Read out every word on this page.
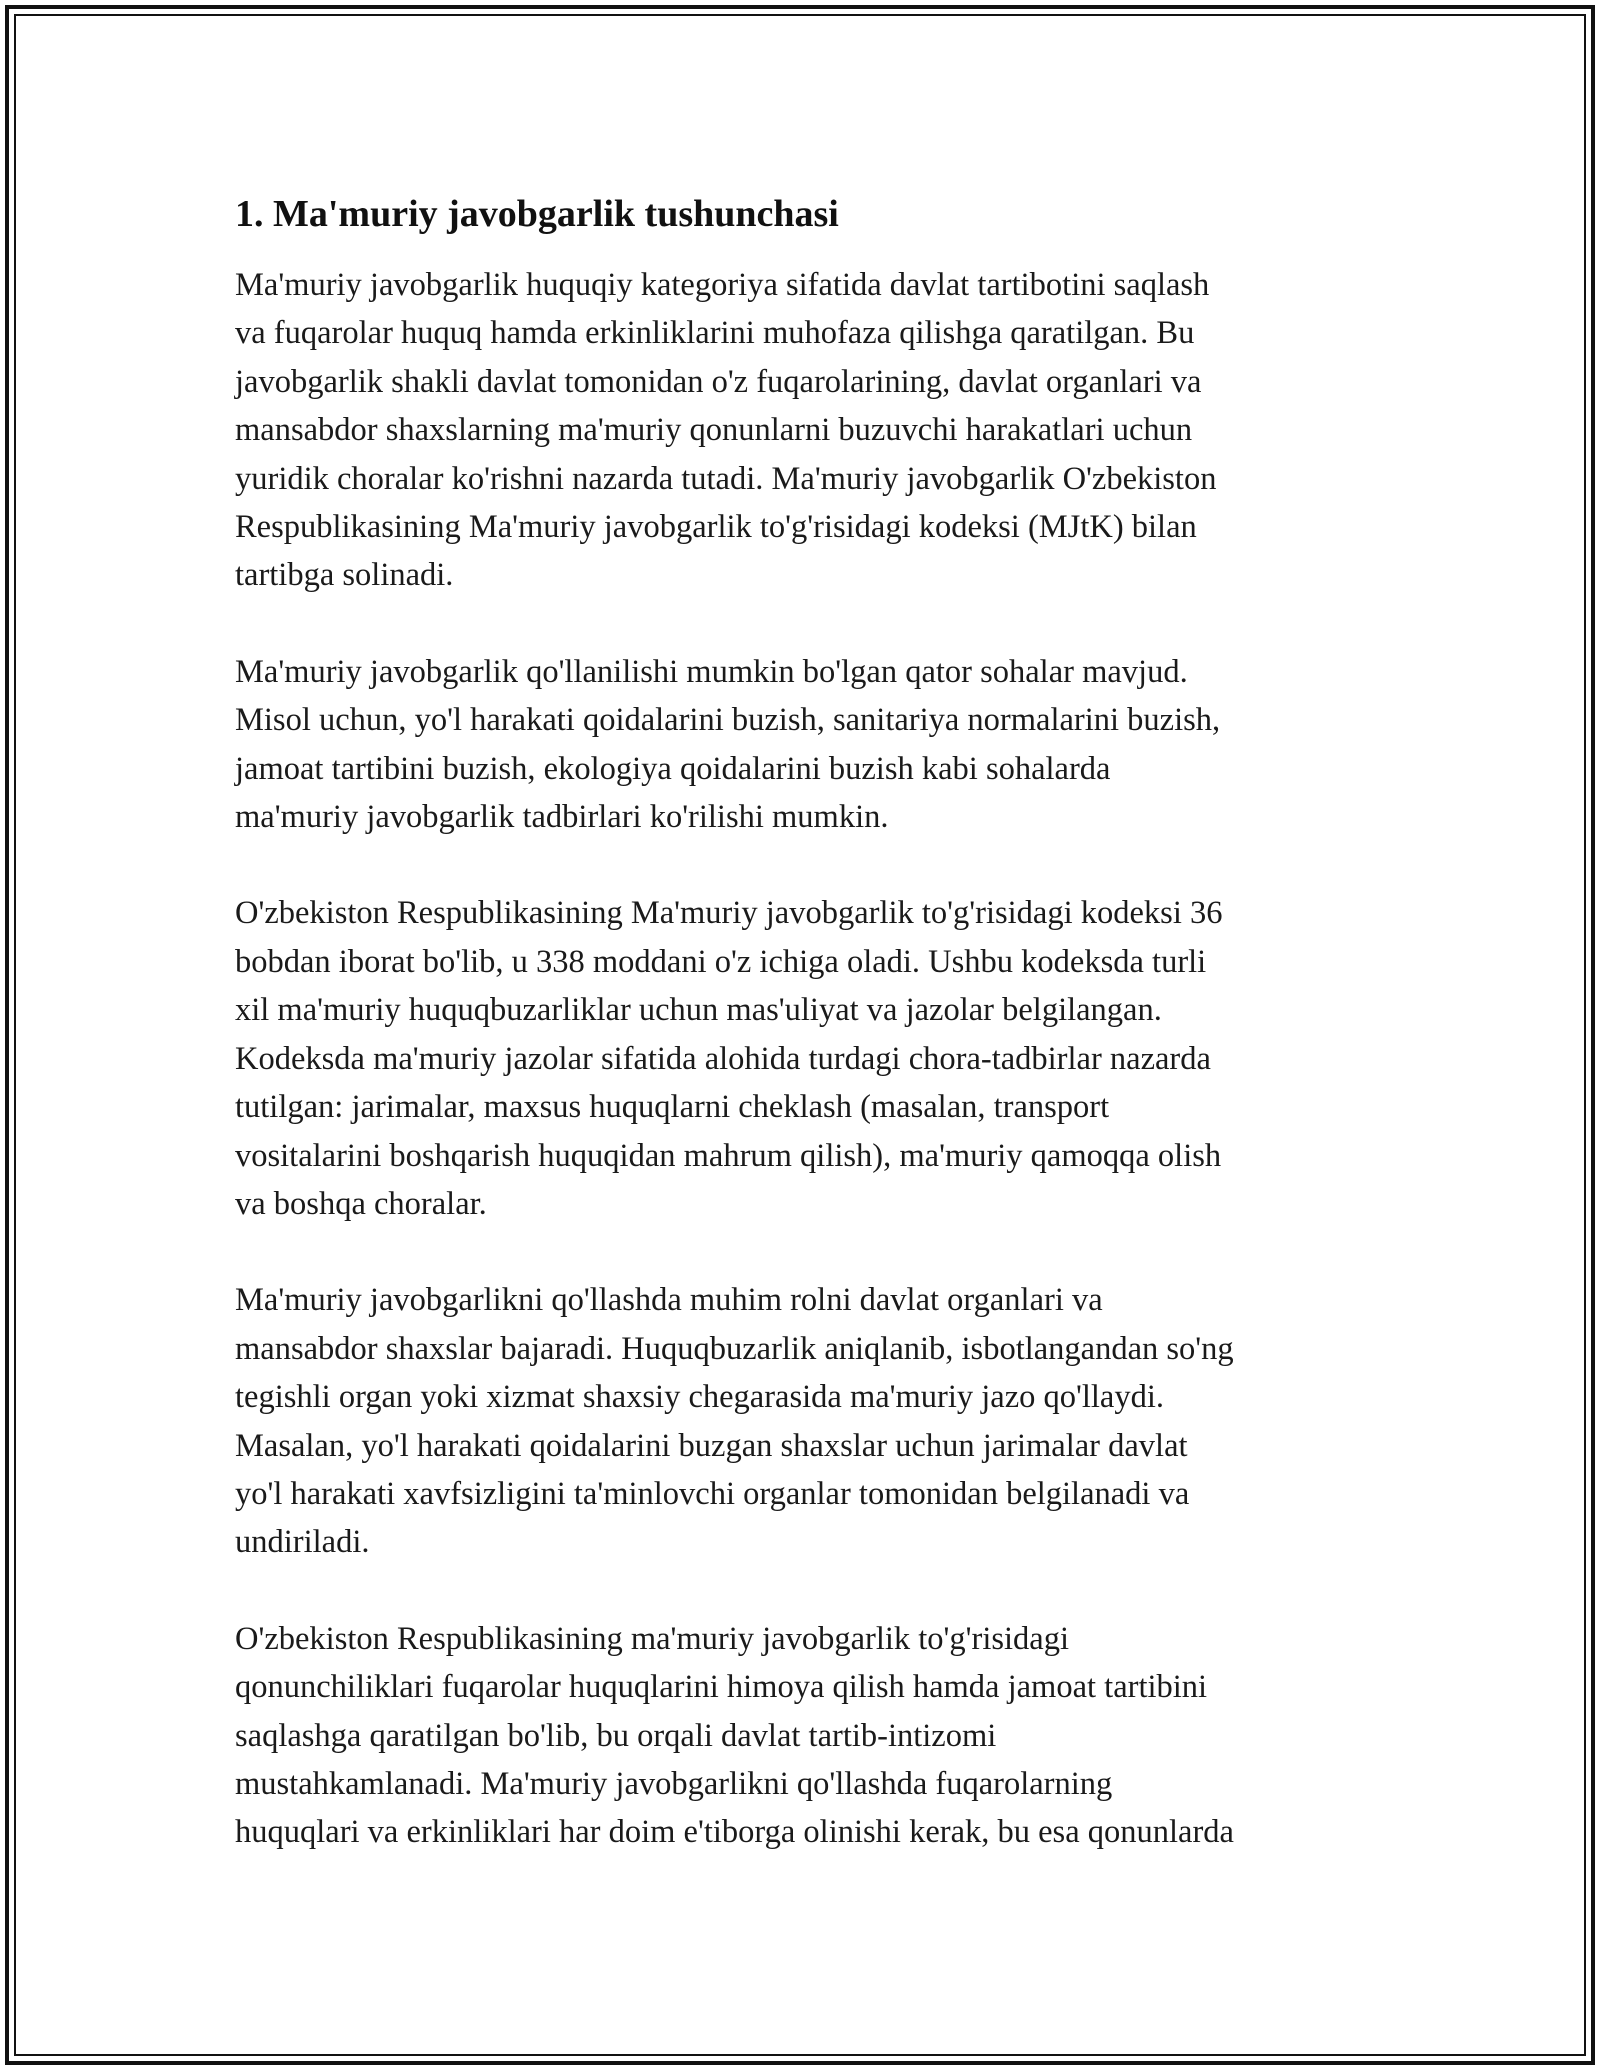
1. Ma'muriy javobgarlik tushunchasi

Ma'muriy javobgarlik huquqiy kategoriya sifatida davlat tartibotini saqlash
va fuqarolar huquq hamda erkinliklarini muhofaza qilishga qaratilgan. Bu
javobgarlik shakli davlat tomonidan o'z fuqarolarining, davlat organlari va
mansabdor shaxslarning ma'muriy qonunlarni buzuvchi harakatlari uchun
yuridik choralar ko'rishni nazarda tutadi. Ma'muriy javobgarlik O'zbekiston
Respublikasining Ma'muriy javobgarlik to'g'risidagi kodeksi (MJtK) bilan
tartibga solinadi.

Ma'muriy javobgarlik qo'llanilishi mumkin bo'lgan qator sohalar mavjud.
Misol uchun, yo'l harakati qoidalarini buzish, sanitariya normalarini buzish,
jamoat tartibini buzish, ekologiya qoidalarini buzish kabi sohalarda
ma'muriy javobgarlik tadbirlari ko'rilishi mumkin.

O'zbekiston Respublikasining Ma'muriy javobgarlik to'g'risidagi kodeksi 36
bobdan iborat bo'lib, u 338 moddani o'z ichiga oladi. Ushbu kodeksda turli
xil ma'muriy huquqbuzarliklar uchun mas'uliyat va jazolar belgilangan.
Kodeksda ma'muriy jazolar sifatida alohida turdagi chora-tadbirlar nazarda
tutilgan: jarimalar, maxsus huquqlarni cheklash (masalan, transport
vositalarini boshqarish huquqidan mahrum qilish), ma'muriy qamoqqa olish
va boshqa choralar.

Ma'muriy javobgarlikni qo'llashda muhim rolni davlat organlari va
mansabdor shaxslar bajaradi. Huquqbuzarlik aniqlanib, isbotlangandan so'ng
tegishli organ yoki xizmat shaxsiy chegarasida ma'muriy jazo qo'llaydi.
Masalan, yo'l harakati qoidalarini buzgan shaxslar uchun jarimalar davlat
yo'l harakati xavfsizligini ta'minlovchi organlar tomonidan belgilanadi va
undiriladi.

O'zbekiston Respublikasining ma'muriy javobgarlik to'g'risidagi
qonunchiliklari fuqarolar huquqlarini himoya qilish hamda jamoat tartibini
saqlashga qaratilgan bo'lib, bu orqali davlat tartib-intizomi
mustahkamlanadi. Ma'muriy javobgarlikni qo'llashda fuqarolarning
huquqlari va erkinliklari har doim e'tiborga olinishi kerak, bu esa qonunlarda
